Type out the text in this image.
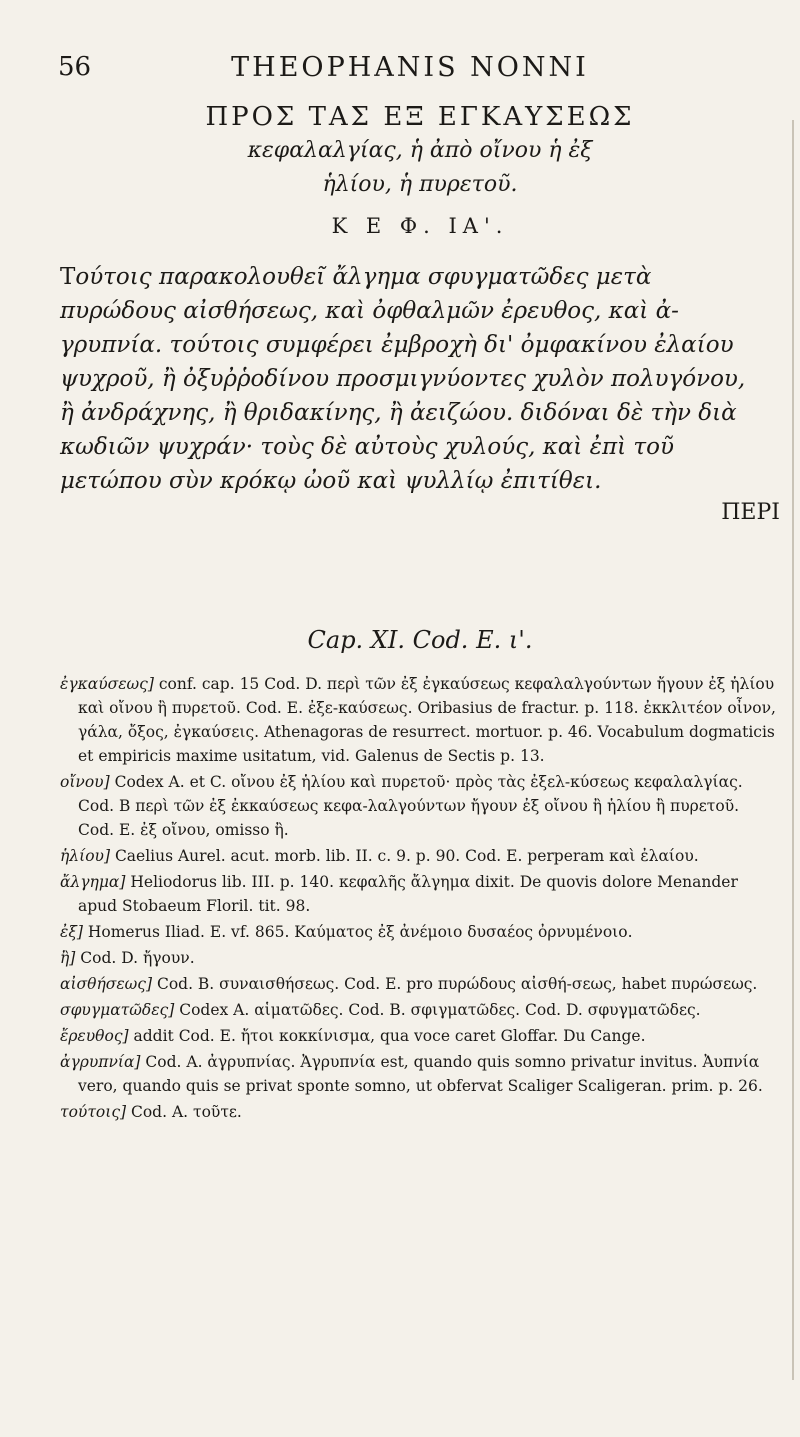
56	THEOPHANIS NONNI
ΠΡΟΣ ΤΑΣ ΕΞ ΕΓΚΑΥΣΕΩΣ
κεφαλαλγίας, ἡ ἀπὸ οἴνου ἡ ἐξ
ἡλίου, ἡ πυρετοῦ.
Κ Ε Φ. ΙΑ'.

Τούτοις παρακολουθεῖ ἄλγημα σφυγματῶδες μετὰ

πυρώδους αἰσθήσεως, καὶ ὀφθαλμῶν ἐρευθος, καὶ ἀ-

γρυπνία. τούτοις συμφέρει ἐμβροχὴ δι' ὀμφακίνου ἐλαίου

ψυχροῦ, ἢ ὀξυῤῥοδίνου προσμιγνύοντες χυλὸν πολυγόνου,

ἢ ἀνδράχνης, ἢ θριδακίνης, ἢ ἀειζώου. διδόναι δὲ τὴν διὰ

κωδιῶν ψυχράν· τοὺς δὲ αὐτοὺς χυλούς, καὶ ἐπὶ τοῦ

μετώπου σὺν κρόκῳ ὠοῦ καὶ ψυλλίῳ ἐπιτίθει.

ΠΕΡΙ

Cap. XI. Cod. E. ι'.

ἐγκαύσεως] conf. cap. 15 Cod. D. περὶ τῶν ἐξ ἐγκαύσεως κεφαλαλγούντων ἤγουν ἐξ ἡλίου καὶ οἴνου ἢ πυρετοῦ. Cod. E. ἐξε-καύσεως. Oribasius de fractur. p. 118. ἐκκλιτέον οἶνον, γάλα, ὄξος, ἐγκαύσεις. Athenagoras de resurrect. mortuor. p. 46. Vocabulum dogmaticis et empiricis maxime usitatum, vid. Galenus de Sectis p. 13.

οἴνου] Codex A. et C. οἴνου ἐξ ἡλίου καὶ πυρετοῦ· πρὸς τὰς ἐξελ-κύσεως κεφαλαλγίας. Cod. B περὶ τῶν ἐξ ἐκκαύσεως κεφα-λαλγούντων ἤγουν ἐξ οἴνου ἢ ἡλίου ἢ πυρετοῦ. Cod. E. ἐξ οἴνου, omisso ἢ.

ἡλίου] Caelius Aurel. acut. morb. lib. II. c. 9. p. 90. Cod. E. perperam καὶ ἐλαίου.

ἄλγημα] Heliodorus lib. III. p. 140. κεφαλῆς ἄλγημα dixit. De quovis dolore Menander apud Stobaeum Floril. tit. 98.

ἐξ] Homerus Iliad. E. vf. 865. Καύματος ἐξ ἀνέμοιο δυσαέος ὀρνυμένοιο.

ἢ] Cod. D. ἤγουν.

αἰσθήσεως] Cod. B. συναισθήσεως. Cod. E. pro πυρώδους αἰσθή-σεως, habet πυρώσεως.

σφυγματῶδες] Codex A. αἱματῶδες. Cod. B. σφιγματῶδες. Cod. D. σφυγματῶδες.

ἔρευθος] addit Cod. E. ἤτοι κοκκίνισμα, qua voce caret Gloffar. Du Cange.

ἀγρυπνία] Cod. A. ἀγρυπνίας. Ἀγρυπνία est, quando quis somno privatur invitus. Ἀυπνία vero, quando quis se privat sponte somno, ut obfervat Scaliger Scaligeran. prim. p. 26.

τούτοις] Cod. A. τοῦτε.
